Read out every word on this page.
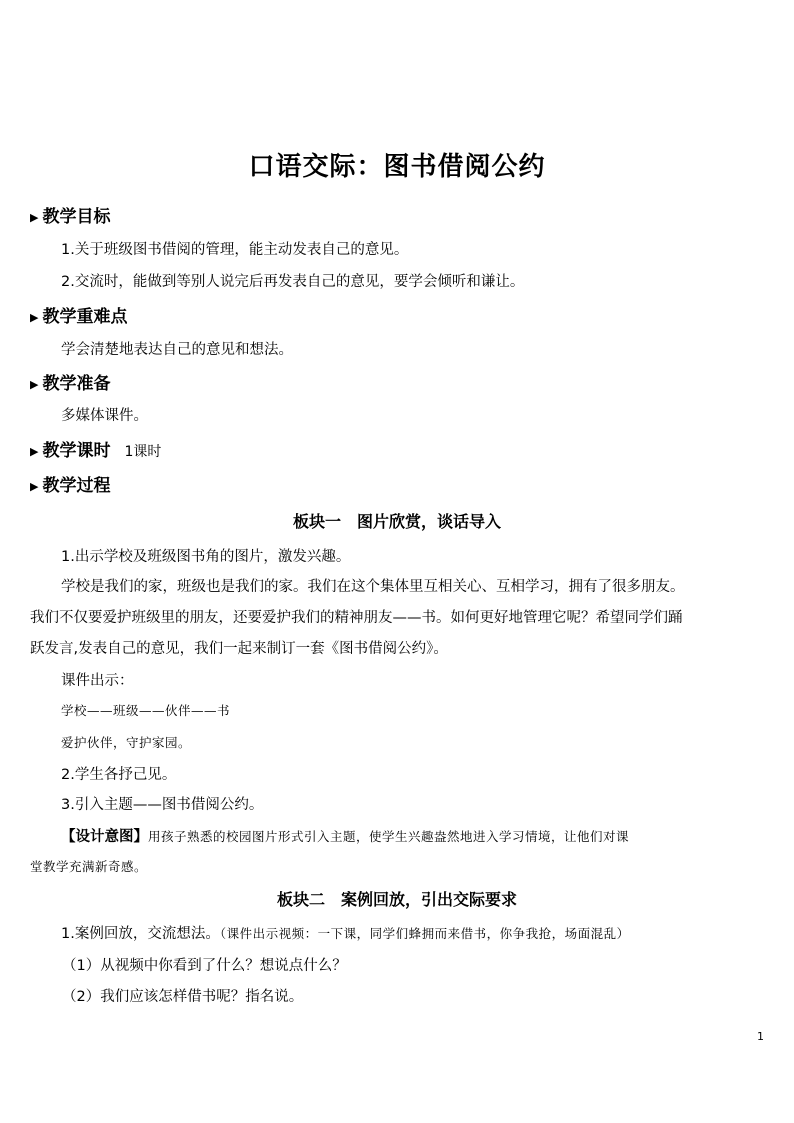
口语交际：图书借阅公约
▶ 教学目标
1.关于班级图书借阅的管理，能主动发表自己的意见。
2.交流时，能做到等别人说完后再发表自己的意见，要学会倾听和谦让。
▶ 教学重难点
学会清楚地表达自己的意见和想法。
▶ 教学准备
多媒体课件。
▶ 教学课时 1课时
▶ 教学过程
板块一　图片欣赏，谈话导入
1.出示学校及班级图书角的图片，激发兴趣。
学校是我们的家，班级也是我们的家。我们在这个集体里互相关心、互相学习，拥有了很多朋友。
我们不仅要爱护班级里的朋友，还要爱护我们的精神朋友——书。如何更好地管理它呢？希望同学们踊
跃发言,发表自己的意见，我们一起来制订一套《图书借阅公约》。
课件出示：
学校——班级——伙伴——书
爱护伙伴，守护家园。
2.学生各抒己见。
3.引入主题——图书借阅公约。
【设计意图】用孩子熟悉的校园图片形式引入主题，使学生兴趣盎然地进入学习情境，让他们对课
堂教学充满新奇感。
板块二　案例回放，引出交际要求
1.案例回放，交流想法。（课件出示视频：一下课，同学们蜂拥而来借书，你争我抢，场面混乱）
（1）从视频中你看到了什么？想说点什么？
（2）我们应该怎样借书呢？指名说。
1
